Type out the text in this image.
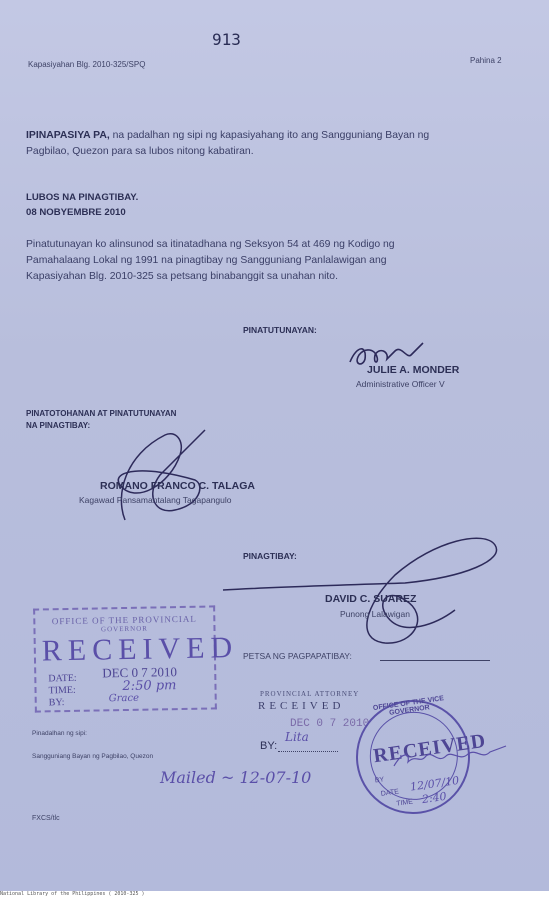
913
Kapasiyahan Blg. 2010-325/SPQ	Pahina 2
IPINAPASIYA PA, na padalhan ng sipi ng kapasiyahang ito ang Sangguniang Bayan ng
Pagbilao, Quezon para sa lubos nitong kabatiran.
LUBOS NA PINAGTIBAY.
08 NOBYEMBRE 2010
Pinatutunayan ko alinsunod sa itinatadhana ng Seksyon 54 at 469 ng Kodigo ng
Pamahalaang Lokal ng 1991 na pinagtibay ng Sangguniang Panlalawigan ang
Kapasiyahan Blg. 2010-325 sa petsang binabanggit sa unahan nito.
PINATUTUNAYAN:
JULIE A. MONDER
Administrative Officer V
PINATOTOHANAN AT PINATUTUNAYAN
NA PINAGTIBAY:
ROMANO FRANCO C. TALAGA
Kagawad Pansamantalang Tagapangulo
PINAGTIBAY:
DAVID C. SUAREZ
Punong Lalawigan
PETSA NG PAGPAPATIBAY:
OFFICE OF THE PROVINCIAL
GOVERNOR
RECEIVED
DATE: DEC 0 7 2010
TIME:	2:50 pm
BY:	Grace	PROVINCIAL ATTORNEY
RECEIVED
DEC 0 7 2010
BY:
Lita
Pinadalhan ng sipi:
Sangguniang Bayan ng Pagbilao, Quezon
Mailed ~ 12-07-10
OFFICE OF THE VICE GOVERNOR
RECEIVED
BY
DATE 12/07/10
TIME 2:40
FXCS/tlc
National Library of the Philippines ( 2010-325 )
